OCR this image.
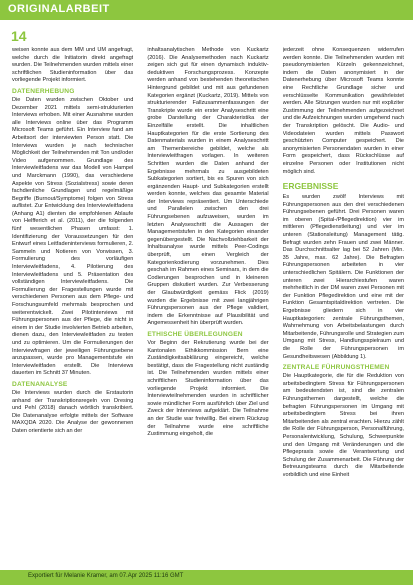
ORIGINALARBEIT
14

weisen konnte aus dem MM und UM angefragt, welche durch die Initiatorin direkt angefragt wurden. Die Teilnehmenden wurden mittels einer schriftlichen Studieninformation über das vorliegende Projekt informiert.

DATENERHEBUNG

Die Daten wurden zwischen Oktober und Dezember 2021 mittels semi-strukturierten Interviews erhoben. Mit einer Ausnahme wurden alle Interviews online über das Programm Microsoft Teams geführt. Ein Interview fand am Arbeitsort der interviewten Person statt. Die Interviews wurden je nach technischer Möglichkeit der Teilnehmenden mit Ton und/oder Video aufgenommen. Grundlage des Interviewleitfadens war das Modell von Hampel und Marckmann (1990), das verschiedene Aspekte von Stress (Sozialstress) sowie deren fachdienliche Grundlagen und regelmäßige Begriffe (Burnout/Symptome) folgen von Stress auflistet. Zur Entwicklung des Interviewleitfadens (Anhang A1) dienten die empfohlenen Ablaufe von Helfferich et al. (2011), der die folgenden fünf wesentlichen Phasen umfasst: 1. Identifizierung der Voraussetzungen für den Entwurf eines Leitfadeninterviews formulieren, 2. Sammeln und Notieren von Vorwissen, 3. Formulierung des vorläufigen Interviewleitfadens, 4. Pilotierung des Interviewleitfadens und 5. Präsentation des vollständigen Interviewleitfadens. Die Formulierung der Fragestellungen wurde mit verschiedenen Personen aus dem Pflege- und Forschungsumfeld mehrmals besprochen und weiterentwickelt. Zwei Pilotinterviews mit Führungspersonen aus der Pflege, die nicht in einem in der Studie involvierten Betrieb arbeiten, dienen dazu, den Interviewleitfaden zu testen und zu optimieren. Um die Formulierungen der Interviewfragen der jeweiligen Führungsebene anzupassen, wurde pro Managementstufe ein Interviewleitfaden erstellt. Die Interviews dauerten im Schnitt 37 Minuten.

DATENANALYSE

Die Interviews wurden durch die Erstautorin anhand der Transkriptionsregeln von Dresing und Pehl (2018) danach wörtlich transkribiert. Die Datenanalyse erfolgte mittels der Software MAXQDA 2020. Die Analyse der gewonnenen Daten orientierte sich an der

inhaltsanalytischen Methode von Kuckartz (2016). Die Analysemethoden nach Kuckartz zeigen sich gut für einen dynamisch induktiv-deduktiven Forschungsprozess. Konzepte werden anhand von bestehenden theoretischen Hintergrund gebildet und mit aus gefundenen Kategorien ergänzt (Kuckartz, 2019). Mittels von strukturierender Fallzusammenfassungen der Transkripte wurde ein erster Analyseschritt eine grobe Darstellung der Charakteristika der Einzelfälle erstellt. Die inhaltlichen Hauptkategorien für die erste Sortierung des Datenmaterials wurden in einem Analyseschritt am Themenbereiche gebildet, welche als Interviewleitfragen vorlagen. In weiteren Schritten wurden die Daten anhand der Ergebnisse mehrmals zu ausgebildeten Subkategorien sortiert, bis es Spuren von sich ergänzenden Haupt- und Subkategorien erstellt werden konnte, welches das gesamte Material der Interviews repräsentiert. Um Unterschiede und Parallelen zwischen den drei Führungsebenen aufzuweisen, wurden im letzten Analyseschritt die Aussagen der Managementstufen in den Kategorien einander gegenübergestellt. Die Nachvollziehbarkeit der Inhaltsanalyse wurde mittels Peer-Codings überprüft, um einen Vergleich der Kategorienkodierung vorzunehmen. Dies geschah im Rahmen eines Seminars, in dem die Codierungen besprochen und in kleineren Gruppen diskutiert wurden. Zur Verbesserung der Glaubwürdigkeit gemäss Flick (2019) wurden die Ergebnisse mit zwei langjährigen Führungspersonen aus der Pflege validiert, indem die Erkenntnisse auf Plausibilität und Angemessenheit hin überprüft wurden.

ETHISCHE ÜBERLEGUNGEN

Vor Beginn der Rekrutierung wurde bei der Kantonalen Ethikkommission Bern eine Zuständigkeitsabklärung eingereicht, welche bestätigt, dass die Fragestellung nicht zuständig ist. Die Teilnehmenden wurden mittels einer schriftlichen Studieninformation über das vorliegende Projekt informiert. Die Interviewteilnehmenden wurden in schriftlicher sowie mündlicher Form ausführlich über Ziel und Zweck der Interviews aufgeklärt. Die Teilnahme an der Studie war freiwillig. Bei einem Rückzug der Teilnahme wurde eine schriftliche Zustimmung eingeholt, die

jederzeit ohne Konsequenzen widerrufen werden konnte. Die Teilnehmenden wurden mit pseudonymisierten Kürzeln gekennzeichnet, indem die Daten anonymisiert in der Datenerhebung über Microsoft Teams konnte eine Rechtliche Grundlage sicher und verschlüsselte Kommunikation gewährleistet werden. Alle Sitzungen wurden nur mit expliziter Zustimmung der Teilnehmenden aufgezeichnet und die Aufzeichnungen wurden umgehend nach der Transkription gelöscht. Die Audio- und Videodateien wurden mittels Passwort geschützten Computer gespeichert. Die anonymisierten Personendaten wurden in einer Form gespeichert, dass Rückschlüsse auf einzelne Personen oder Institutionen nicht möglich sind.

ERGEBNISSE

Es wurden zwölf Interviews mit Führungspersonen aus den drei verschiedenen Führungsebenen geführt. Drei Personen waren im oberen (Spital-/Pflegedirektion) vier im mittleren (Pflegedienstleitung) und vier im unteren (Stationsleitung) Management tätig. Befragt wurden zehn Frauen und zwei Männer. Das Durchschnittsalter lag bei 52 Jahren (Min. 35 Jahre, max. 62 Jahre). Die Befragten Führungspersonen arbeiteten in vier unterschiedlichen Spitälern. Die Funktionen der unteren zwei Hierarchiestufen waren mehrheitlich in der DM waren zwei Personen mit der Funktion Pflegedirektion und eine mit der Funktion Gesamtspitaldirektion vertreten. Die Ergebnisse gliedern sich in vier Hauptkategorien: zentrale Führungsthemen, Wahrnehmung von Arbeitsbelastungen durch Mitarbeitende, Führungsrolle und Strategien zum Umgang mit Stress, Handlungsspielraum und die Rolle der Führungspersonen im Gesundheitswesen (Abbildung 1).

ZENTRALE FÜHRUNGSTHEMEN

Die Hauptkategorie, die für die Reduktion von arbeitsbedingtem Stress für Führungspersonen am bedeutendsten ist, sind die zentralen Führungsthemen dargestellt, welche die befragten Führungspersonen im Umgang mit arbeitsbedingtem Stress bei ihren Mitarbeitenden als zentral erachten. Hierzu zählt die Rolle der Führungsperson, Personalführung, Personalentwicklung, Schulung, Schwerpunkte und den Umgang mit Veränderungen und die Pflegepraxis sowie die Verantwortung und Schulung der Zusammenarbeit. Die Führung der Betreuungsteams durch die Mitarbeitende vorbildlich und eine Einheit

Exportiert für Melanie Kramer, am 07.Apr 2025 11:16 GMT
